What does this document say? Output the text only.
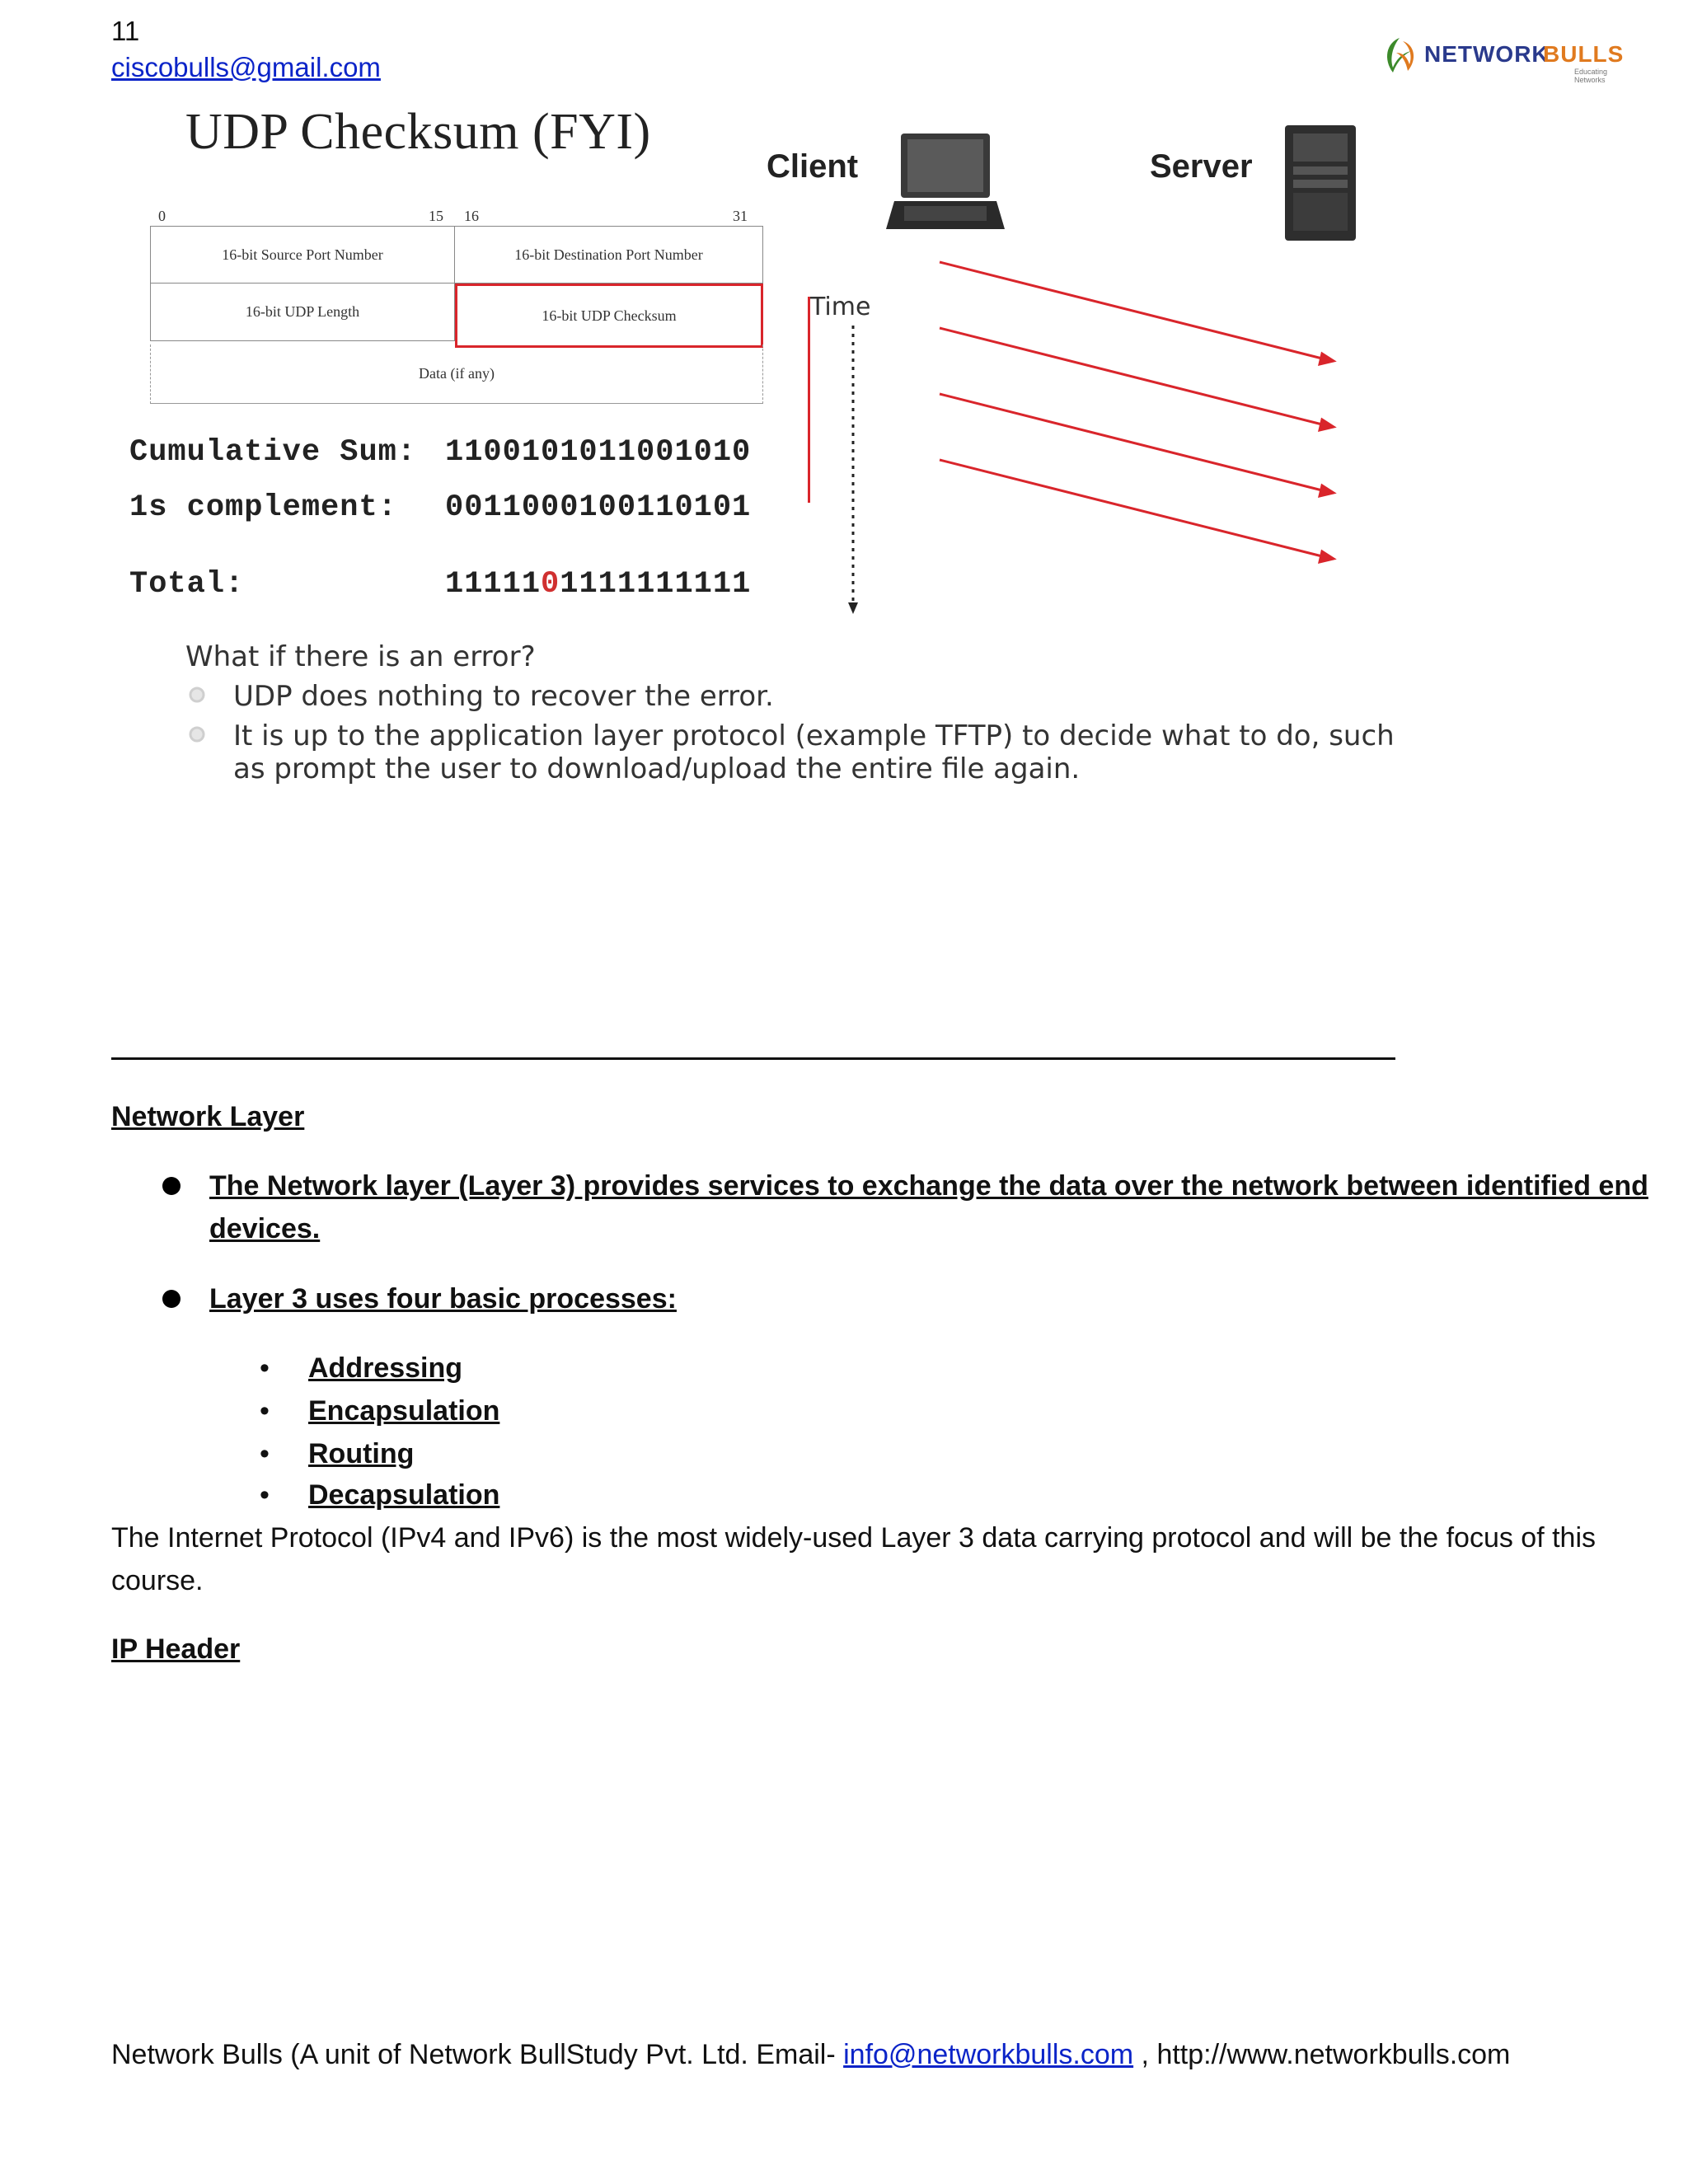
11
ciscobulls@gmail.com	NETWORK
BULLS
Educating Networks
UDP Checksum (FYI)
Client	Server
0	15 16	31
16-bit Source Port Number	16-bit Destination Port Number
16-bit UDP Length	16-bit UDP Checksum
Data (if any)
Cumulative Sum: 1100101011001010
1s complement: 0011000100110101
Total:	1111101111111111
Time
What if there is an error?
UDP does nothing to recover the error.
It is up to the application layer protocol (example TFTP) to decide what to do, such
as prompt the user to download/upload the entire file again.
Network Layer
The Network layer (Layer 3) provides services to exchange the data over the network between identified end
devices.
Layer 3 uses four basic processes:
• Addressing
• Encapsulation
• Routing
• Decapsulation
The Internet Protocol (IPv4 and IPv6) is the most widely-used Layer 3 data carrying protocol and will be the focus of this
course.
IP Header
Network Bulls (A unit of Network BullStudy Pvt. Ltd. Email- info@networkbulls.com , http://www.networkbulls.com
